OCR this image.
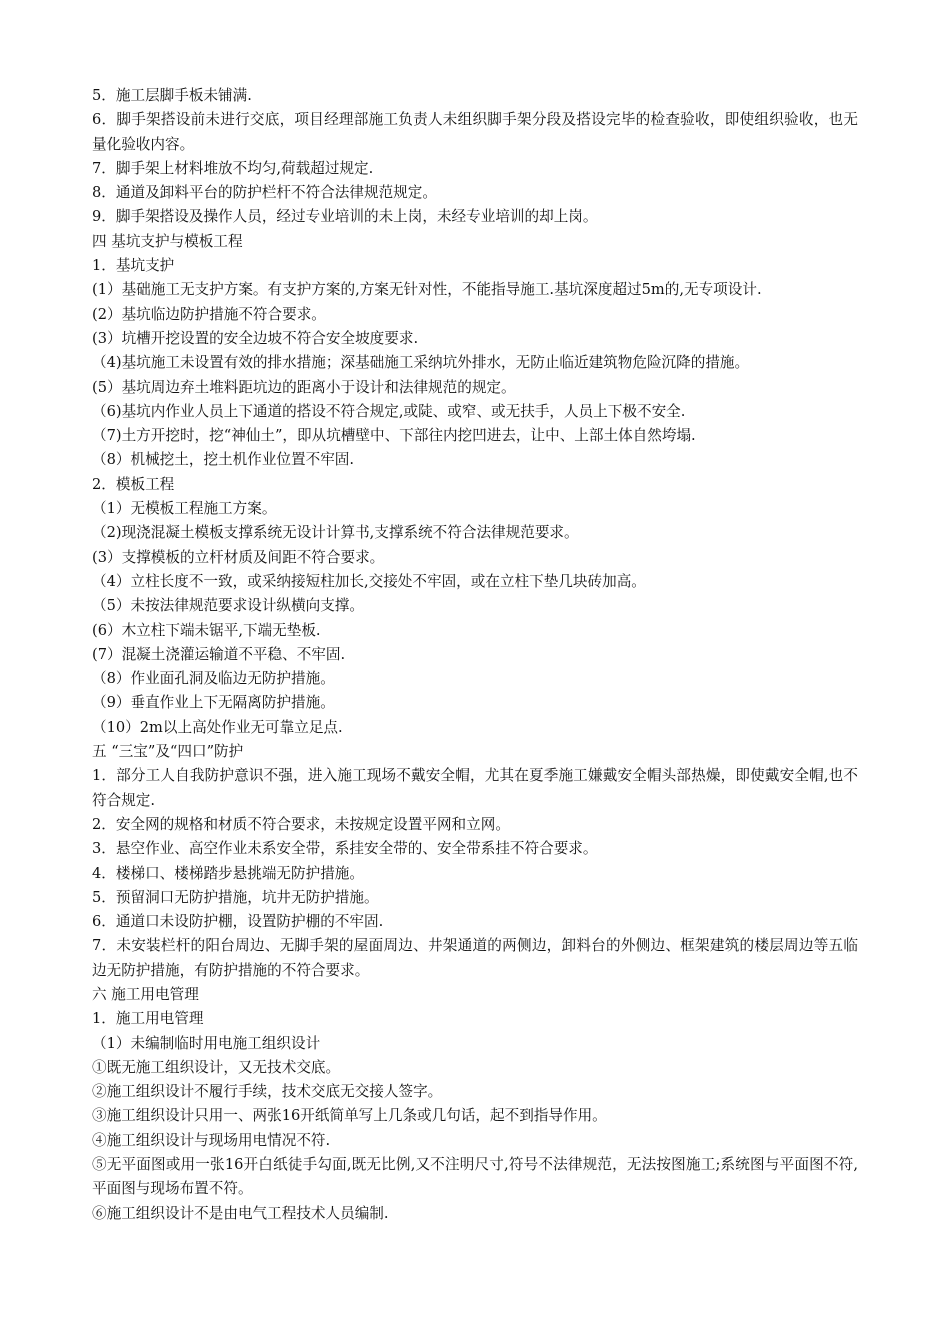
5．施工层脚手板未铺满.
6．脚手架搭设前未进行交底，项目经理部施工负责人未组织脚手架分段及搭设完毕的检查验收，即使组织验收，也无量化验收内容。
7．脚手架上材料堆放不均匀,荷载超过规定.
8．通道及卸料平台的防护栏杆不符合法律规范规定。
9．脚手架搭设及操作人员，经过专业培训的未上岗，未经专业培训的却上岗。
四 基坑支护与模板工程
1．基坑支护
(1）基础施工无支护方案。有支护方案的,方案无针对性，不能指导施工.基坑深度超过5m的,无专项设计.
(2）基坑临边防护措施不符合要求。
(3）坑槽开挖设置的安全边坡不符合安全坡度要求.
（4)基坑施工未设置有效的排水措施；深基础施工采纳坑外排水，无防止临近建筑物危险沉降的措施。
(5）基坑周边弃土堆料距坑边的距离小于设计和法律规范的规定。
（6)基坑内作业人员上下通道的搭设不符合规定,或陡、或窄、或无扶手，人员上下极不安全.
（7)土方开挖时，挖“神仙土”，即从坑槽壁中、下部往内挖凹进去，让中、上部土体自然垮塌.
（8）机械挖土，挖土机作业位置不牢固.
2．模板工程
（1）无模板工程施工方案。
（2)现浇混凝土模板支撑系统无设计计算书,支撑系统不符合法律规范要求。
(3）支撑模板的立杆材质及间距不符合要求。
（4）立柱长度不一致，或采纳接短柱加长,交接处不牢固，或在立柱下垫几块砖加高。
（5）未按法律规范要求设计纵横向支撑。
(6）木立柱下端未锯平,下端无垫板.
(7）混凝土浇灌运输道不平稳、不牢固.
（8）作业面孔洞及临边无防护措施。
（9）垂直作业上下无隔离防护措施。
（10）2m以上高处作业无可靠立足点.
五 “三宝”及“四口”防护
1．部分工人自我防护意识不强，进入施工现场不戴安全帽，尤其在夏季施工嫌戴安全帽头部热燥，即使戴安全帽,也不符合规定.
2．安全网的规格和材质不符合要求，未按规定设置平网和立网。
3．悬空作业、高空作业未系安全带，系挂安全带的、安全带系挂不符合要求。
4．楼梯口、楼梯踏步悬挑端无防护措施。
5．预留洞口无防护措施，坑井无防护措施。
6．通道口未设防护棚，设置防护棚的不牢固.
7．未安装栏杆的阳台周边、无脚手架的屋面周边、井架通道的两侧边，卸料台的外侧边、框架建筑的楼层周边等五临边无防护措施，有防护措施的不符合要求。
六 施工用电管理
1．施工用电管理
（1）未编制临时用电施工组织设计
①既无施工组织设计，又无技术交底。
②施工组织设计不履行手续，技术交底无交接人签字。
③施工组织设计只用一、两张16开纸简单写上几条或几句话，起不到指导作用。
④施工组织设计与现场用电情况不符.
⑤无平面图或用一张16开白纸徒手勾面,既无比例,又不注明尺寸,符号不法律规范，无法按图施工;系统图与平面图不符,平面图与现场布置不符。
⑥施工组织设计不是由电气工程技术人员编制.
